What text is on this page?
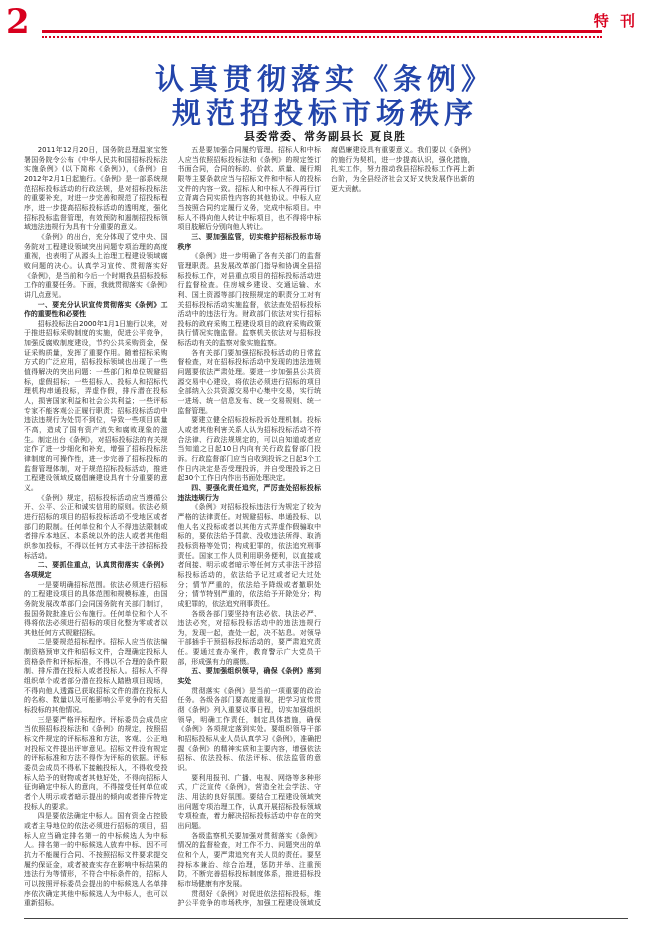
2	特 刊
认真贯彻落实《条例》
规范招投标市场秩序
县委常委、常务副县长 夏良胜

2011年12月20日，国务院总理温家宝签署国务院令公布《中华人民共和国招标投标法实施条例》(以下简称《条例》)，《条例》自2012年2月1日起施行。《条例》是一部系统规范招标投标活动的行政法规，是对招标投标法的重要补充，对进一步完善和规范了招投标程序，进一步提高招标投标活动的透明度，强化招标投标监督管理，有效预防和遏制招投标领域违法违规行为具有十分重要的意义。

《条例》的出台，充分体现了党中央、国务院对工程建设领域突出问题专项治理的高度重视，也表明了从源头上治理工程建设领域腐败问题的决心。认真学习宣传、贯彻落实好《条例》，是当前和今后一个时期我县招标投标工作的重要任务。下面，我就贯彻落实《条例》讲几点意见。

一、要充分认识宣传贯彻落实《条例》工作的重要性和必要性

招标投标法自2000年1月1日施行以来，对于推进招标采购制度的实施，促进公平竞争，加强反腐败制度建设，节约公共采购资金，保证采购质量，发挥了重要作用。随着招标采购方式的广泛应用，招标投标领域也出现了一些值得解决的突出问题：一些部门和单位规避招标，虚假招标；一些招标人、投标人和招标代理机构串通投标，弄虚作假，排斥潜在投标人，损害国家利益和社会公共利益；一些评标专家不能客观公正履行职责；招标投标活动中违法违规行为处罚不到位，导致一些项目质量不高，造成了国有资产流失和腐败现象的滋生。制定出台《条例》，对招标投标法的有关规定作了进一步细化和补充，增强了招标投标法律制度的可操作性，进一步完善了招标投标的监督管理体制，对于规范招标投标活动，推进工程建设领域反腐倡廉建设具有十分重要的意义。

《条例》规定，招标投标活动应当遵循公开、公平、公正和诚实信用的原则。依法必须进行招标的项目的招标投标活动不受地区或者部门的限制。任何单位和个人不得违法限制或者排斥本地区、本系统以外的法人或者其他组织参加投标，不得以任何方式非法干涉招标投标活动。

二、要抓住重点，认真贯彻落实《条例》各项规定

一是要明确招标范围。依法必须进行招标的工程建设项目的具体范围和规模标准，由国务院发展改革部门会同国务院有关部门制订，报国务院批准后公布施行。任何单位和个人不得将依法必须进行招标的项目化整为零或者以其他任何方式规避招标。

二是要规范招标程序。招标人应当依法编制资格预审文件和招标文件，合理确定投标人资格条件和评标标准，不得以不合理的条件限制、排斥潜在投标人或者投标人。招标人不得组织单个或者部分潜在投标人踏勘项目现场，不得向他人透露已获取招标文件的潜在投标人的名称、数量以及可能影响公平竞争的有关招标投标的其他情况。

三是要严格评标程序。评标委员会成员应当依照招标投标法和《条例》的规定，按照招标文件规定的评标标准和方法，客观、公正地对投标文件提出评审意见。招标文件没有规定的评标标准和方法不得作为评标的依据。评标委员会成员不得私下接触投标人，不得收受投标人给予的财物或者其他好处，不得向招标人征询确定中标人的意向，不得接受任何单位或者个人明示或者暗示提出的倾向或者排斥特定投标人的要求。

四是要依法确定中标人。国有资金占控股或者主导地位的依法必须进行招标的项目，招标人应当确定排名第一的中标候选人为中标人。排名第一的中标候选人放弃中标、因不可抗力不能履行合同、不按照招标文件要求提交履约保证金，或者被查实存在影响中标结果的违法行为等情形，不符合中标条件的，招标人可以按照评标委员会提出的中标候选人名单排序依次确定其他中标候选人为中标人，也可以重新招标。

五是要加强合同履约管理。招标人和中标人应当依照招标投标法和《条例》的规定签订书面合同，合同的标的、价款、质量、履行期限等主要条款应当与招标文件和中标人的投标文件的内容一致。招标人和中标人不得再行订立背离合同实质性内容的其他协议。中标人应当按照合同约定履行义务，完成中标项目。中标人不得向他人转让中标项目，也不得将中标项目肢解后分别向他人转让。

三、要加强监管，切实维护招标投标市场秩序

《条例》进一步明确了各有关部门的监督管理职责。县发展改革部门指导和协调全县招标投标工作，对县重点项目的招标投标活动进行监督检查。住房城乡建设、交通运输、水利、国土资源等部门按照规定的职责分工对有关招标投标活动实施监督，依法查处招标投标活动中的违法行为。财政部门依法对实行招标投标的政府采购工程建设项目的政府采购政策执行情况实施监督。监察机关依法对与招标投标活动有关的监察对象实施监察。

各有关部门要加强招标投标活动的日常监督检查，对在招标投标活动中发现的违法违规问题要依法严肃处理。要进一步加强县公共资源交易中心建设，将依法必须进行招标的项目全部纳入公共资源交易中心集中交易，实行统一进场、统一信息发布、统一交易规则、统一监督管理。

要建立健全招标投标投诉处理机制。投标人或者其他利害关系人认为招标投标活动不符合法律、行政法规规定的，可以自知道或者应当知道之日起10日内向有关行政监督部门投诉。行政监督部门应当自收到投诉之日起3个工作日内决定是否受理投诉，并自受理投诉之日起30个工作日内作出书面处理决定。

四、要强化责任追究，严厉查处招标投标违法违规行为

《条例》对招标投标违法行为规定了较为严格的法律责任。对规避招标、串通投标、以他人名义投标或者以其他方式弄虚作假骗取中标的，要依法给予罚款、没收违法所得、取消投标资格等处罚；构成犯罪的，依法追究刑事责任。国家工作人员利用职务便利，以直接或者间接、明示或者暗示等任何方式非法干涉招标投标活动的，依法给予记过或者记大过处分；情节严重的，依法给予降级或者撤职处分；情节特别严重的，依法给予开除处分；构成犯罪的，依法追究刑事责任。

各级各部门要坚持有法必依、执法必严、违法必究，对招标投标活动中的违法违规行为，发现一起，查处一起，决不姑息。对领导干部插手干预招标投标活动的，要严肃追究责任。要通过查办案件，教育警示广大党员干部，形成强有力的震慑。

五、要加强组织领导，确保《条例》落到实处

贯彻落实《条例》是当前一项重要的政治任务。各级各部门要高度重视，把学习宣传贯彻《条例》列入重要议事日程，切实加强组织领导，明确工作责任，制定具体措施，确保《条例》各项规定落到实处。要组织领导干部和招标投标从业人员认真学习《条例》，准确把握《条例》的精神实质和主要内容，增强依法招标、依法投标、依法评标、依法监管的意识。

要利用报刊、广播、电视、网络等多种形式，广泛宣传《条例》，营造全社会学法、守法、用法的良好氛围。要结合工程建设领域突出问题专项治理工作，认真开展招标投标领域专项检查，着力解决招标投标活动中存在的突出问题。

各级监察机关要加强对贯彻落实《条例》情况的监督检查，对工作不力、问题突出的单位和个人，要严肃追究有关人员的责任。要坚持标本兼治、综合治理，惩防并举、注重预防，不断完善招标投标制度体系，推进招标投标市场健康有序发展。

贯彻好《条例》对促进依法招标投标，维护公平竞争的市场秩序，加强工程建设领域反腐倡廉建设具有重要意义。我们要以《条例》的施行为契机，进一步提高认识，强化措施，扎实工作，努力推动我县招标投标工作再上新台阶，为全县经济社会又好又快发展作出新的更大贡献。
